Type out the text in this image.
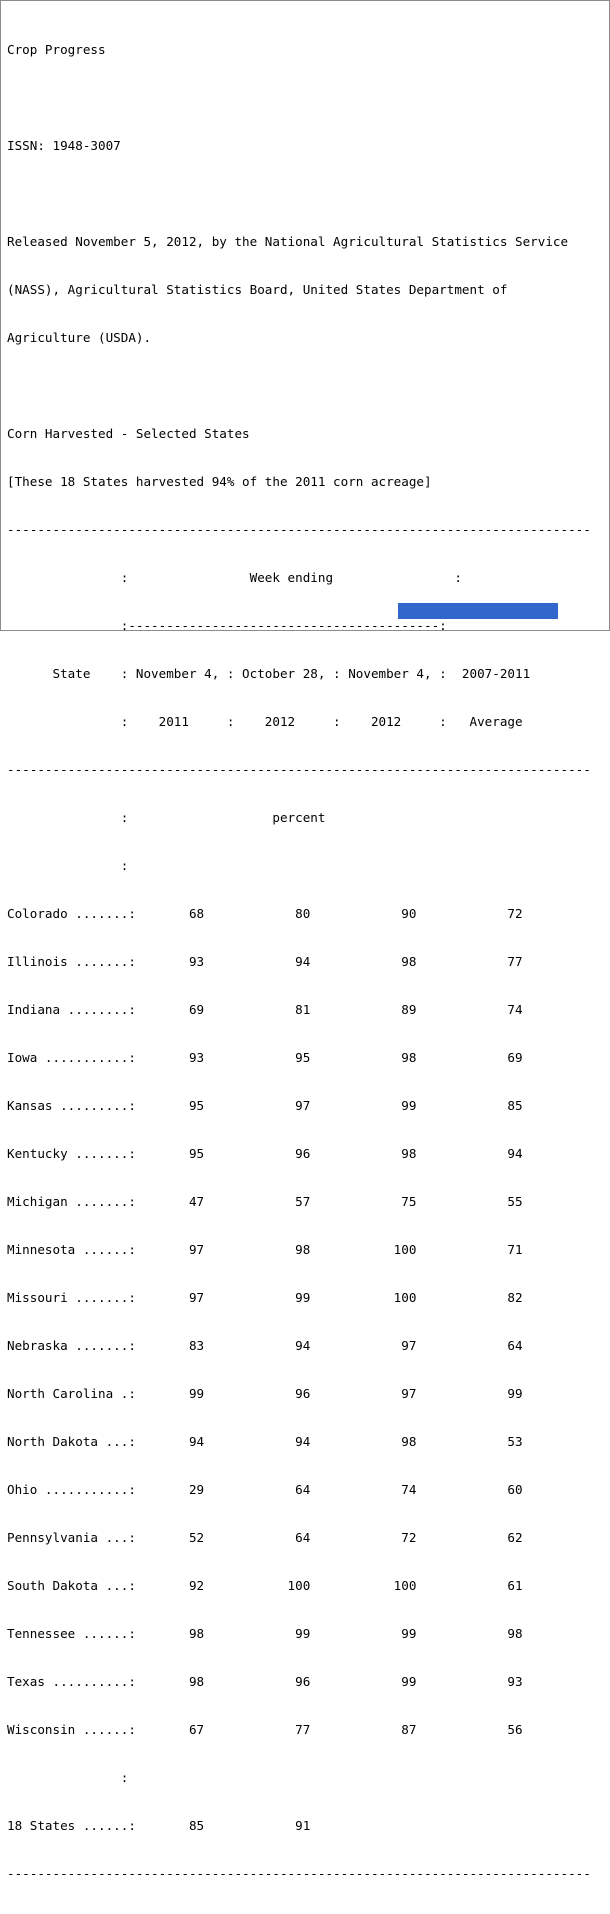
Crop Progress

ISSN: 1948-3007

Released November 5, 2012, by the National Agricultural Statistics Service

(NASS), Agricultural Statistics Board, United States Department of

Agriculture (USDA).

Corn Harvested - Selected States

[These 18 States harvested 94% of the 2011 corn acreage]

-----------------------------------------------------------------------------

:                Week ending                :

:-----------------------------------------:

State    : November 4, : October 28, : November 4, :  2007-2011

:    2011     :    2012     :    2012     :   Average

-----------------------------------------------------------------------------

:                   percent

:

Colorado .......:       68            80            90            72

Illinois .......:       93            94            98            77

Indiana ........:       69            81            89            74

Iowa ...........:       93            95            98            69

Kansas .........:       95            97            99            85

Kentucky .......:       95            96            98            94

Michigan .......:       47            57            75            55

Minnesota ......:       97            98           100            71

Missouri .......:       97            99           100            82

Nebraska .......:       83            94            97            64

North Carolina .:       99            96            97            99

North Dakota ...:       94            94            98            53

Ohio ...........:       29            64            74            60

Pennsylvania ...:       52            64            72            62

South Dakota ...:       92           100           100            61

Tennessee ......:       98            99            99            98

Texas ..........:       98            96            99            93

Wisconsin ......:       67            77            87            56

:

18 States ......:       85            91               95            71

-----------------------------------------------------------------------------
